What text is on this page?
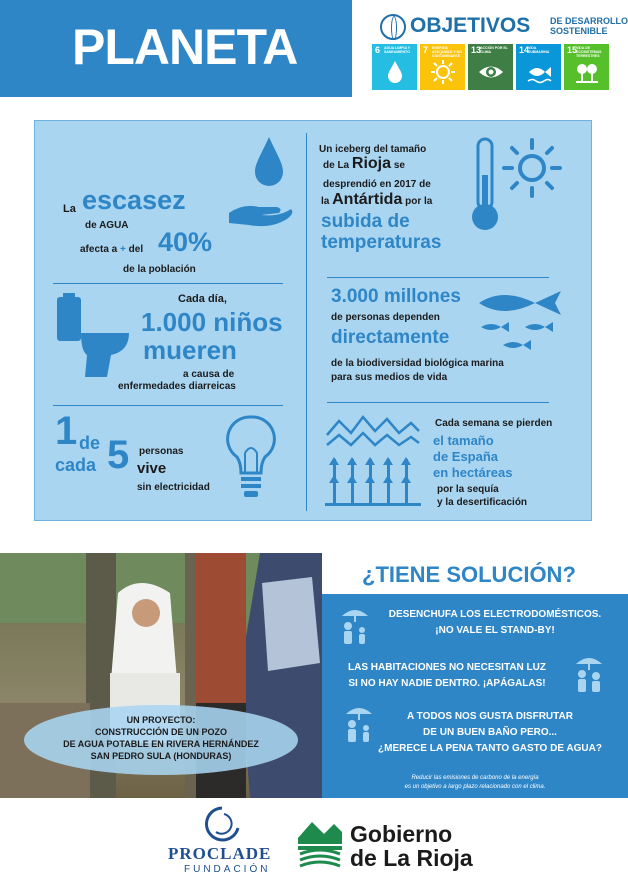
PLANETA	OBJETIVOS DE DESARROLLO SOSTENIBLE
6 AGUA LIMPIA Y SANEAMIENTO	7 ENERGÍA ASEQUIBLE Y NO CONTAMINANTE
13
ACCIÓN POR EL CLIMA	14
VIDA SUBMARINA	15
VIDA DE ECOSISTEMAS TERRESTRES
La escasez
de AGUA
afecta a + del 40%
de la población
Cada día,
1.000 niños
mueren
a causa de
enfermedades diarreicas
1 de
cada 5 personas
vive
sin electricidad
Un iceberg del tamaño
de La Rioja se
desprendió en 2017 de
la Antártida por la
subida de
temperaturas
3.000 millones
de personas dependen
directamente
de la biodiversidad biológica marina
para sus medios de vida
Cada semana se pierden
el tamaño
de España
en hectáreas
por la sequía
y la desertificación
UN PROYECTO:
CONSTRUCCIÓN DE UN POZO
DE AGUA POTABLE EN RIVERA HERNÁNDEZ
SAN PEDRO SULA (HONDURAS)
¿TIENE SOLUCIÓN?
DESENCHUFA LOS ELECTRODOMÉSTICOS.
¡NO VALE EL STAND-BY!
LAS HABITACIONES NO NECESITAN LUZ
SI NO HAY NADIE DENTRO. ¡APÁGALAS!
A TODOS NOS GUSTA DISFRUTAR
DE UN BUEN BAÑO PERO...
¿MERECE LA PENA TANTO GASTO DE AGUA?
Reducir las emisiones de carbono de la energía
es un objetivo a largo plazo relacionado con el clima.
PROCLADE
FUNDACIÓN
Gobierno
de La Rioja
